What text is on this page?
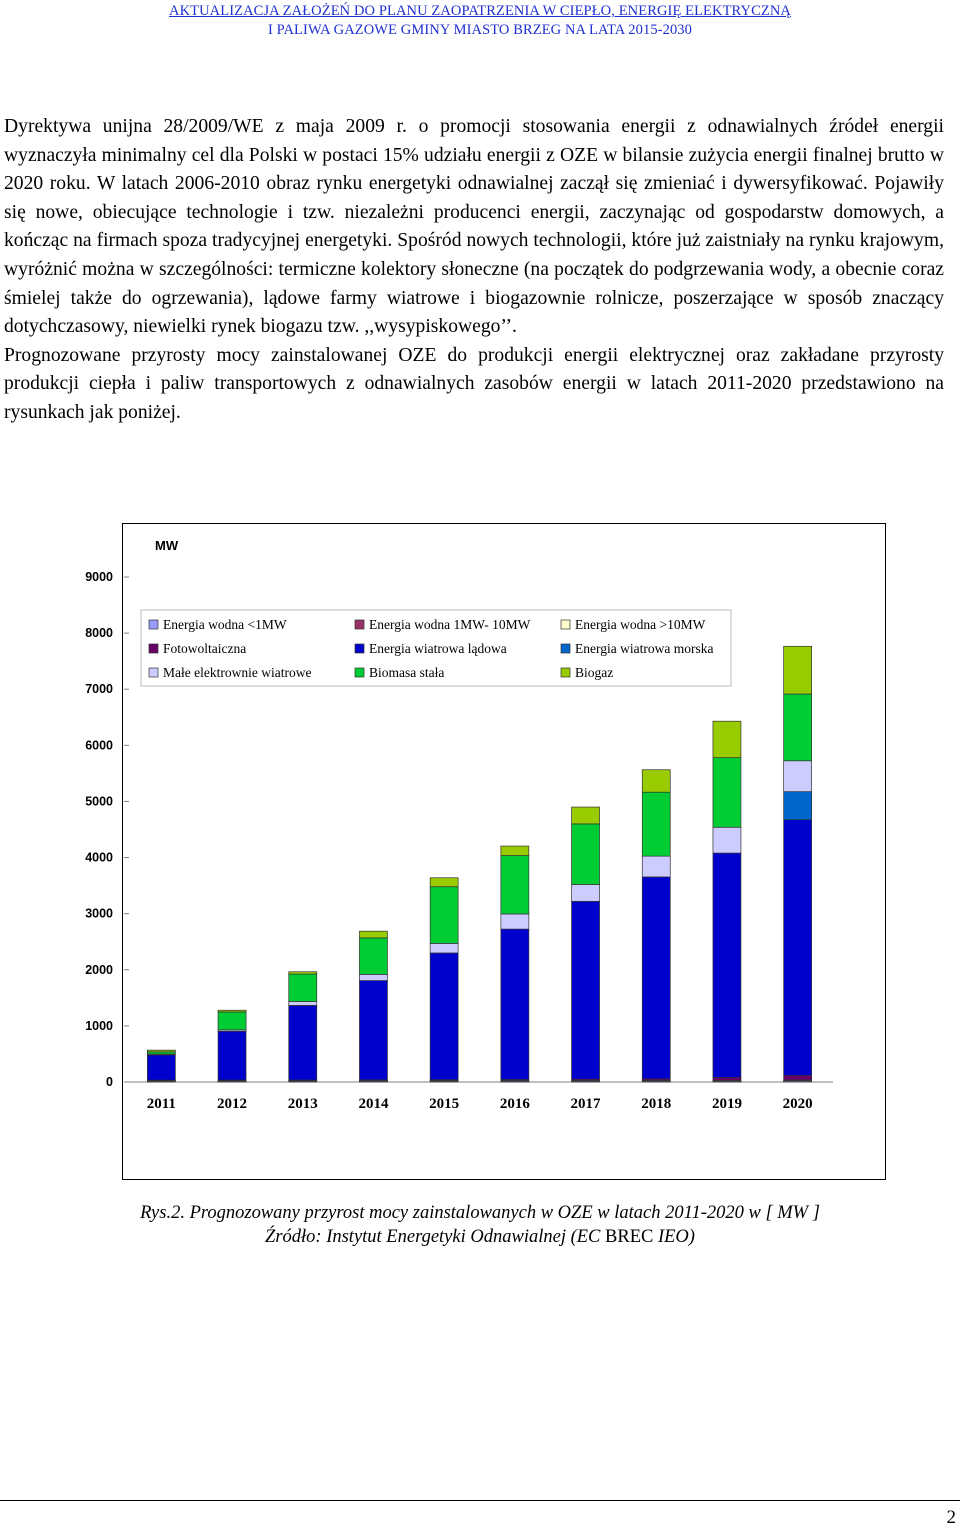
AKTUALIZACJA ZAŁOŻEŃ DO PLANU ZAOPATRZENIA W CIEPŁO, ENERGIĘ ELEKTRYCZNĄ
I PALIWA GAZOWE GMINY MIASTO BRZEG NA LATA 2015-2030

Dyrektywa unijna 28/2009/WE z maja 2009 r. o promocji stosowania energii z odnawialnych źródeł energii wyznaczyła minimalny cel dla Polski w postaci 15% udziału energii z OZE w bilansie zużycia energii finalnej brutto w 2020 roku. W latach 2006-2010 obraz rynku energetyki odnawialnej zaczął się zmieniać i dywersyfikować. Pojawiły się nowe, obiecujące technologie i tzw. niezależni producenci energii, zaczynając od gospodarstw domowych, a kończąc na firmach spoza tradycyjnej energetyki. Spośród nowych technologii, które już zaistniały na rynku krajowym, wyróżnić można w szczególności: termiczne kolektory słoneczne (na początek do podgrzewania wody, a obecnie coraz śmielej także do ogrzewania), lądowe farmy wiatrowe i biogazownie rolnicze, poszerzające w sposób znaczący dotychczasowy, niewielki rynek biogazu tzw. ,,wysypiskowego’’.

Prognozowane przyrosty mocy zainstalowanej OZE do produkcji energii elektrycznej oraz zakładane przyrosty produkcji ciepła i paliw transportowych z odnawialnych zasobów energii w latach 2011-2020 przedstawiono na rysunkach jak poniżej.

MW
0
1000
2000
3000
4000
5000
6000
7000
8000
9000
2011	2012	2013	2014	2015	2016	2017	2018	2019	2020
Energia wodna <1MW	Energia wodna 1MW- 10MW	Energia wodna >10MW
Fotowoltaiczna	Energia wiatrowa lądowa	Energia wiatrowa morska
Małe elektrownie wiatrowe	Biomasa stała	Biogaz
Rys.2. Prognozowany przyrost mocy zainstalowanych w OZE w latach 2011-2020 w [ MW ]
Źródło: Instytut Energetyki Odnawialnej (EC BREC IEO)
2
